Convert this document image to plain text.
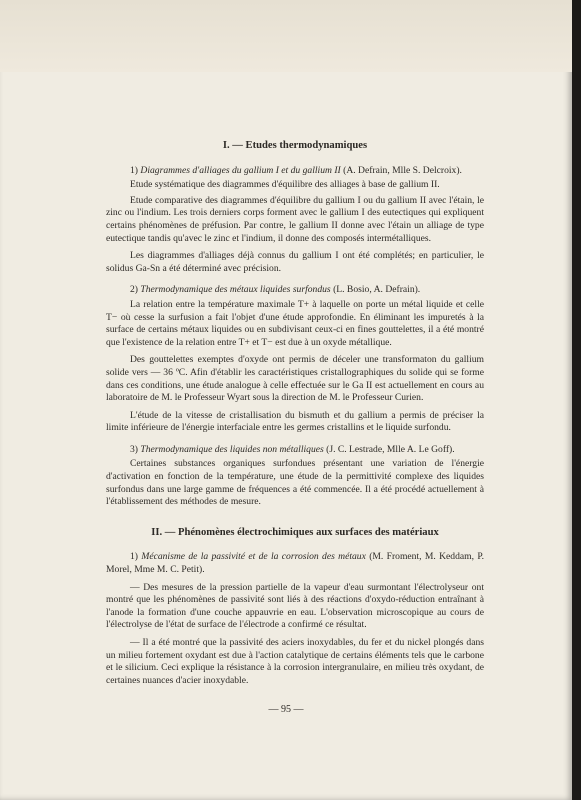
I. — Etudes thermodynamiques
1) Diagrammes d'alliages du gallium I et du gallium II (A. Defrain, Mlle S. Delcroix).
Etude systématique des diagrammes d'équilibre des alliages à base de gallium II.
Etude comparative des diagrammes d'équilibre du gallium I ou du gallium II avec l'étain, le zinc ou l'indium. Les trois derniers corps forment avec le gallium I des eutectiques qui expliquent certains phénomènes de préfusion. Par contre, le gallium II donne avec l'étain un alliage de type eutectique tandis qu'avec le zinc et l'indium, il donne des composés intermétalliques.
Les diagrammes d'alliages déjà connus du gallium I ont été complétés; en particulier, le solidus Ga-Sn a été déterminé avec précision.
2) Thermodynamique des métaux liquides surfondus (L. Bosio, A. Defrain).
La relation entre la température maximale T+ à laquelle on porte un métal liquide et celle T− où cesse la surfusion a fait l'objet d'une étude approfondie. En éliminant les impuretés à la surface de certains métaux liquides ou en subdivisant ceux-ci en fines gouttelettes, il a été montré que l'existence de la relation entre T+ et T− est due à un oxyde métallique.
Des gouttelettes exemptes d'oxyde ont permis de déceler une transformaton du gallium solide vers — 36 ºC. Afin d'établir les caractéristiques cristallographiques du solide qui se forme dans ces conditions, une étude analogue à celle effectuée sur le Ga II est actuellement en cours au laboratoire de M. le Professeur Wyart sous la direction de M. le Professeur Curien.
L'étude de la vitesse de cristallisation du bismuth et du gallium a permis de préciser la limite inférieure de l'énergie interfaciale entre les germes cristallins et le liquide surfondu.
3) Thermodynamique des liquides non métalliques (J. C. Lestrade, Mlle A. Le Goff).
Certaines substances organiques surfondues présentant une variation de l'énergie d'activation en fonction de la température, une étude de la permittivité complexe des liquides surfondus dans une large gamme de fréquences a été commencée. Il a été procédé actuellement à l'établissement des méthodes de mesure.
II. — Phénomènes électrochimiques aux surfaces des matériaux
1) Mécanisme de la passivité et de la corrosion des métaux (M. Froment, M. Keddam, P. Morel, Mme M. C. Petit).
— Des mesures de la pression partielle de la vapeur d'eau surmontant l'électrolyseur ont montré que les phénomènes de passivité sont liés à des réactions d'oxydo-réduction entraînant à l'anode la formation d'une couche appauvrie en eau. L'observation microscopique au cours de l'électrolyse de l'état de surface de l'électrode a confirmé ce résultat.
— Il a été montré que la passivité des aciers inoxydables, du fer et du nickel plongés dans un milieu fortement oxydant est due à l'action catalytique de certains éléments tels que le carbone et le silicium. Ceci explique la résistance à la corrosion intergranulaire, en milieu très oxydant, de certaines nuances d'acier inoxydable.
— 95 —
